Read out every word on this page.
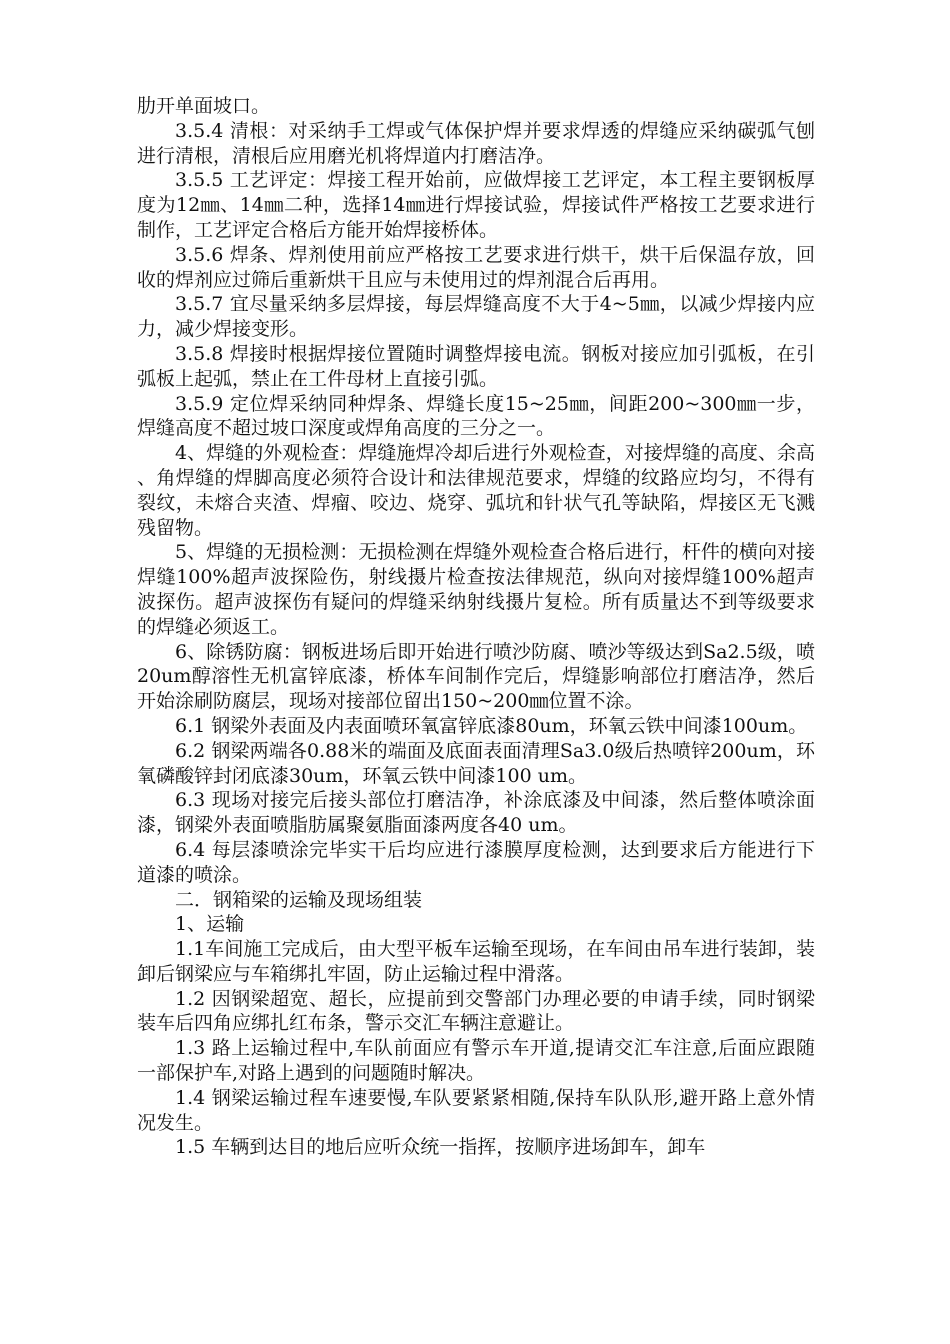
肋开单面坡口。

3.5.4 清根：对采纳手工焊或气体保护焊并要求焊透的焊缝应采纳碳弧气刨进行清根，清根后应用磨光机将焊道内打磨洁净。

3.5.5 工艺评定：焊接工程开始前，应做焊接工艺评定，本工程主要钢板厚度为12㎜、14㎜二种，选择14㎜进行焊接试验，焊接试件严格按工艺要求进行制作，工艺评定合格后方能开始焊接桥体。

3.5.6 焊条、焊剂使用前应严格按工艺要求进行烘干，烘干后保温存放，回收的焊剂应过筛后重新烘干且应与未使用过的焊剂混合后再用。

3.5.7 宜尽量采纳多层焊接，每层焊缝高度不大于4~5㎜，以减少焊接内应力，减少焊接变形。

3.5.8 焊接时根据焊接位置随时调整焊接电流。钢板对接应加引弧板，在引弧板上起弧，禁止在工件母材上直接引弧。

3.5.9 定位焊采纳同种焊条、焊缝长度15~25㎜，间距200~300㎜一步，焊缝高度不超过坡口深度或焊角高度的三分之一。

4、焊缝的外观检查：焊缝施焊冷却后进行外观检查，对接焊缝的高度、余高、角焊缝的焊脚高度必须符合设计和法律规范要求，焊缝的纹路应均匀，不得有裂纹，未熔合夹渣、焊瘤、咬边、烧穿、弧坑和针状气孔等缺陷，焊接区无飞溅残留物。

5、焊缝的无损检测：无损检测在焊缝外观检查合格后进行，杆件的横向对接焊缝100%超声波探险伤，射线摄片检查按法律规范，纵向对接焊缝100%超声波探伤。超声波探伤有疑问的焊缝采纳射线摄片复检。所有质量达不到等级要求的焊缝必须返工。

6、除锈防腐：钢板进场后即开始进行喷沙防腐、喷沙等级达到Sa2.5级，喷20um醇溶性无机富锌底漆，桥体车间制作完后，焊缝影响部位打磨洁净，然后开始涂刷防腐层，现场对接部位留出150~200㎜位置不涂。

6.1 钢梁外表面及内表面喷环氧富锌底漆80um，环氧云铁中间漆100um。

6.2 钢梁两端各0.88米的端面及底面表面清理Sa3.0级后热喷锌200um，环氧磷酸锌封闭底漆30um，环氧云铁中间漆100 um。

6.3 现场对接完后接头部位打磨洁净，补涂底漆及中间漆，然后整体喷涂面漆，钢梁外表面喷脂肪属聚氨脂面漆两度各40 um。

6.4 每层漆喷涂完毕实干后均应进行漆膜厚度检测，达到要求后方能进行下道漆的喷涂。

二．钢箱梁的运输及现场组装

1、运输

1.1车间施工完成后，由大型平板车运输至现场，在车间由吊车进行装卸，装卸后钢梁应与车箱绑扎牢固，防止运输过程中滑落。

1.2 因钢梁超宽、超长，应提前到交警部门办理必要的申请手续，同时钢梁装车后四角应绑扎红布条，警示交汇车辆注意避让。

1.3 路上运输过程中,车队前面应有警示车开道,提请交汇车注意,后面应跟随一部保护车,对路上遇到的问题随时解决。

1.4 钢梁运输过程车速要慢,车队要紧紧相随,保持车队队形,避开路上意外情况发生。

1.5 车辆到达目的地后应听众统一指挥，按顺序进场卸车，卸车
